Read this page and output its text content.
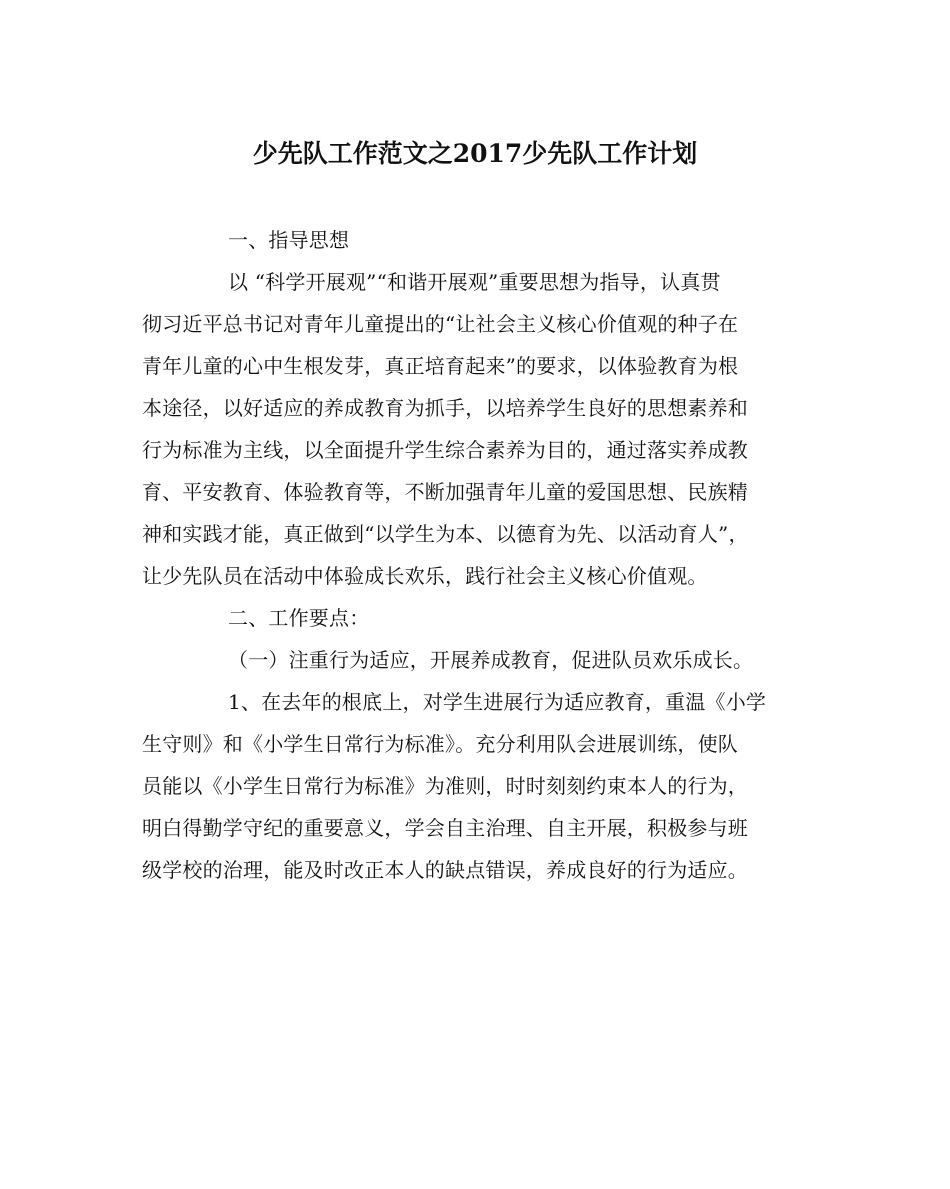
少先队工作范文之2017少先队工作计划
一、指导思想
以 “科学开展观”“和谐开展观”重要思想为指导，认真贯
彻习近平总书记对青年儿童提出的“让社会主义核心价值观的种子在
青年儿童的心中生根发芽，真正培育起来”的要求，以体验教育为根
本途径，以好适应的养成教育为抓手，以培养学生良好的思想素养和
行为标准为主线，以全面提升学生综合素养为目的，通过落实养成教
育、平安教育、体验教育等，不断加强青年儿童的爱国思想、民族精
神和实践才能，真正做到“以学生为本、以德育为先、以活动育人”，
让少先队员在活动中体验成长欢乐，践行社会主义核心价值观。
二、工作要点：
（一）注重行为适应，开展养成教育，促进队员欢乐成长。
1、在去年的根底上，对学生进展行为适应教育，重温《小学
生守则》和《小学生日常行为标准》。充分利用队会进展训练，使队
员能以《小学生日常行为标准》为准则，时时刻刻约束本人的行为，
明白得勤学守纪的重要意义，学会自主治理、自主开展，积极参与班
级学校的治理，能及时改正本人的缺点错误，养成良好的行为适应。
